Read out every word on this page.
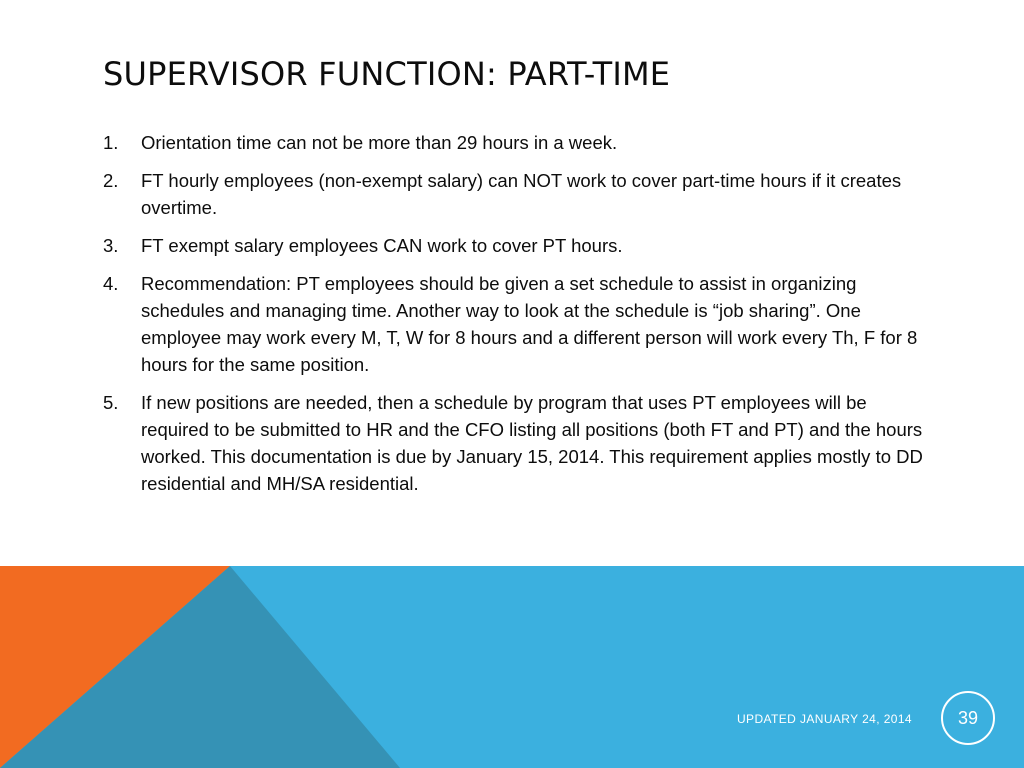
SUPERVISOR FUNCTION: PART-TIME
1.	Orientation time can not be more than 29 hours in a week.
2.	FT hourly employees (non-exempt salary) can NOT work to cover part-time hours if it creates overtime.
3.	FT exempt salary employees CAN work to cover PT hours.
4.	Recommendation: PT employees should be given a set schedule to assist in organizing schedules and managing time. Another way to look at the schedule is “job sharing”. One employee may work every M, T, W for 8 hours and a different person will work every Th, F for 8 hours for the same position.
5.	If new positions are needed, then a schedule by program that uses PT employees will be required to be submitted to HR and the CFO listing all positions (both FT and PT) and the hours worked. This documentation is due by January 15, 2014. This requirement applies mostly to DD residential and MH/SA residential.
UPDATED JANUARY 24, 2014	39
